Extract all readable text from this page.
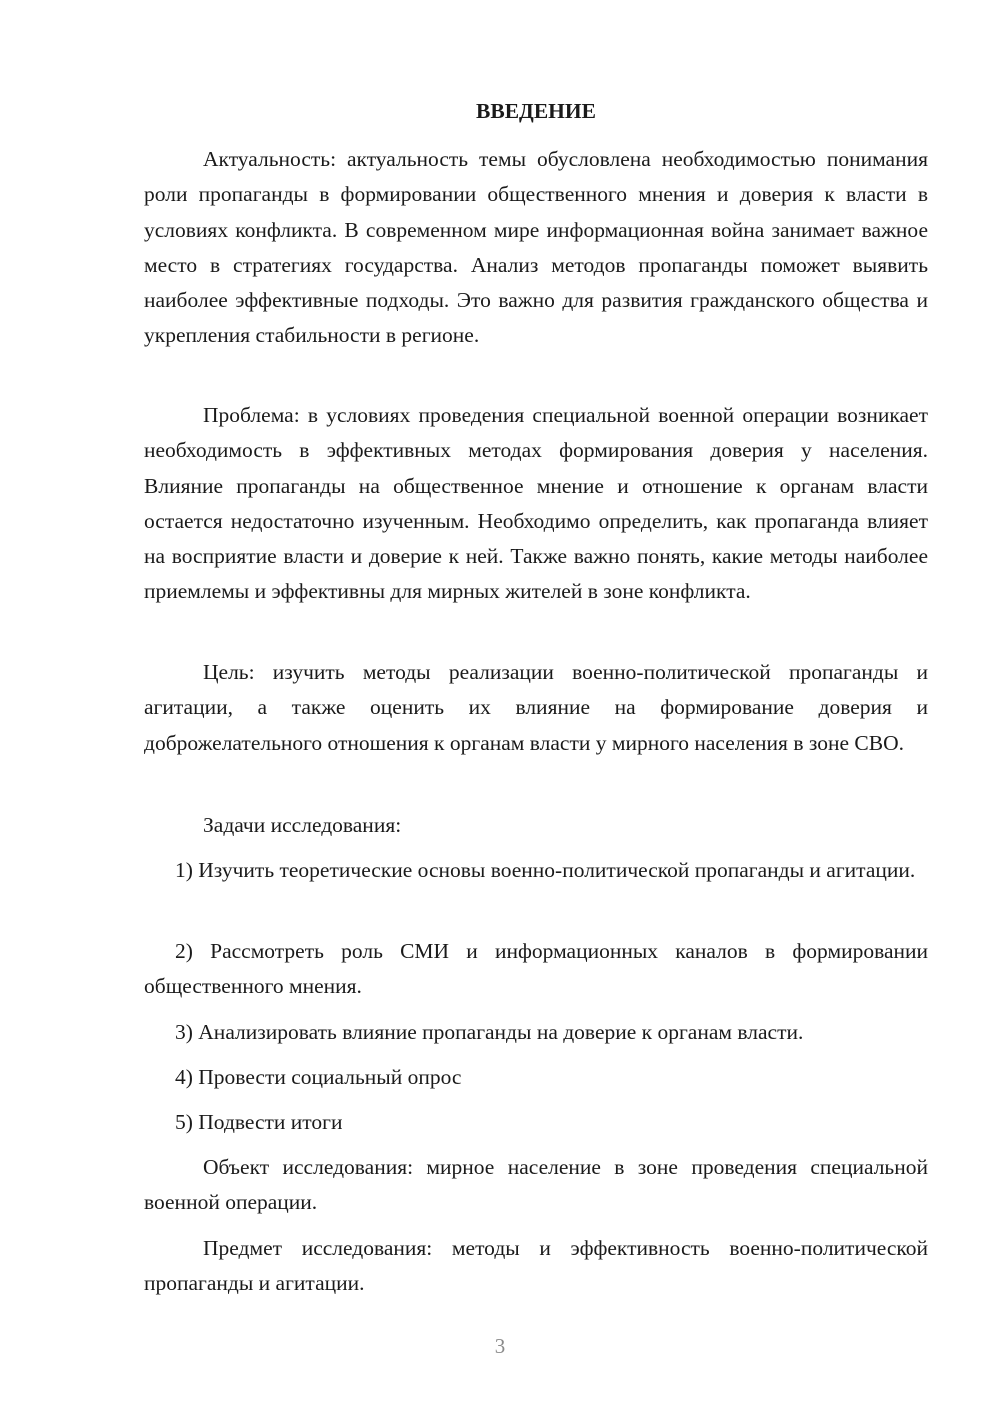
ВВЕДЕНИЕ

Актуальность: актуальность темы обусловлена необходимостью понимания роли пропаганды в формировании общественного мнения и доверия к власти в условиях конфликта. В современном мире информационная война занимает важное место в стратегиях государства. Анализ методов пропаганды поможет выявить наиболее эффективные подходы. Это важно для развития гражданского общества и укрепления стабильности в регионе.

Проблема: в условиях проведения специальной военной операции возникает необходимость в эффективных методах формирования доверия у населения. Влияние пропаганды на общественное мнение и отношение к органам власти остается недостаточно изученным. Необходимо определить, как пропаганда влияет на восприятие власти и доверие к ней. Также важно понять, какие методы наиболее приемлемы и эффективны для мирных жителей в зоне конфликта.

Цель: изучить методы реализации военно-политической пропаганды и агитации, а также оценить их влияние на формирование доверия и доброжелательного отношения к органам власти у мирного населения в зоне СВО.

Задачи исследования:

1) Изучить теоретические основы военно-политической пропаганды и агитации.

2) Рассмотреть роль СМИ и информационных каналов в формировании общественного мнения.

3) Анализировать влияние пропаганды на доверие к органам власти.

4) Провести социальный опрос

5) Подвести итоги

Объект исследования: мирное население в зоне проведения специальной военной операции.

Предмет исследования: методы и эффективность военно-политической пропаганды и агитации.

3
